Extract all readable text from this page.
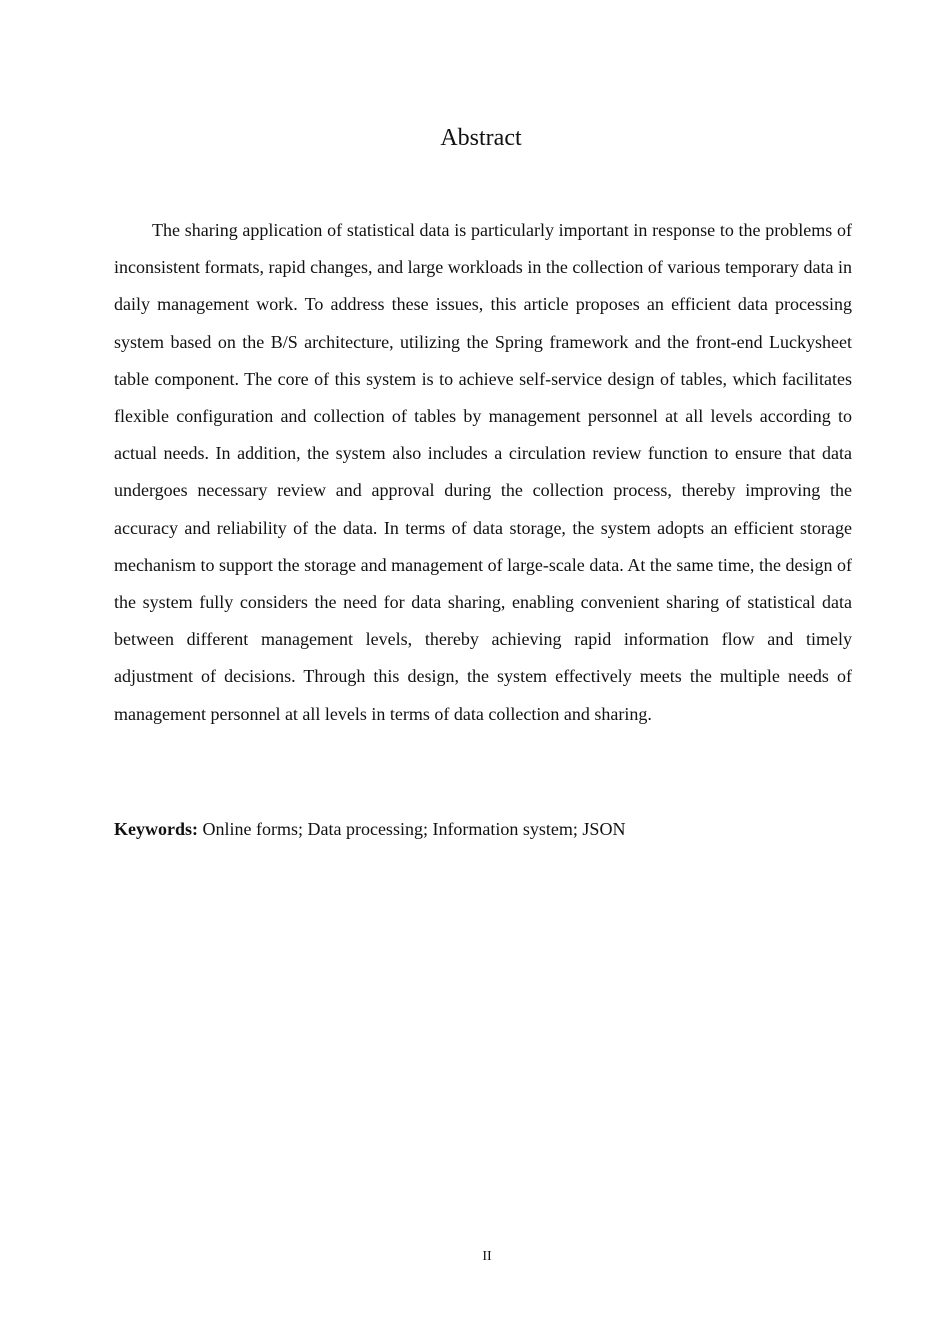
Abstract

The sharing application of statistical data is particularly important in response to the problems of inconsistent formats, rapid changes, and large workloads in the collection of various temporary data in daily management work. To address these issues, this article proposes an efficient data processing system based on the B/S architecture, utilizing the Spring framework and the front-end Luckysheet table component. The core of this system is to achieve self-service design of tables, which facilitates flexible configuration and collection of tables by management personnel at all levels according to actual needs. In addition, the system also includes a circulation review function to ensure that data undergoes necessary review and approval during the collection process, thereby improving the accuracy and reliability of the data. In terms of data storage, the system adopts an efficient storage mechanism to support the storage and management of large-scale data. At the same time, the design of the system fully considers the need for data sharing, enabling convenient sharing of statistical data between different management levels, thereby achieving rapid information flow and timely adjustment of decisions. Through this design, the system effectively meets the multiple needs of management personnel at all levels in terms of data collection and sharing.

Keywords: Online forms; Data processing; Information system; JSON

II
